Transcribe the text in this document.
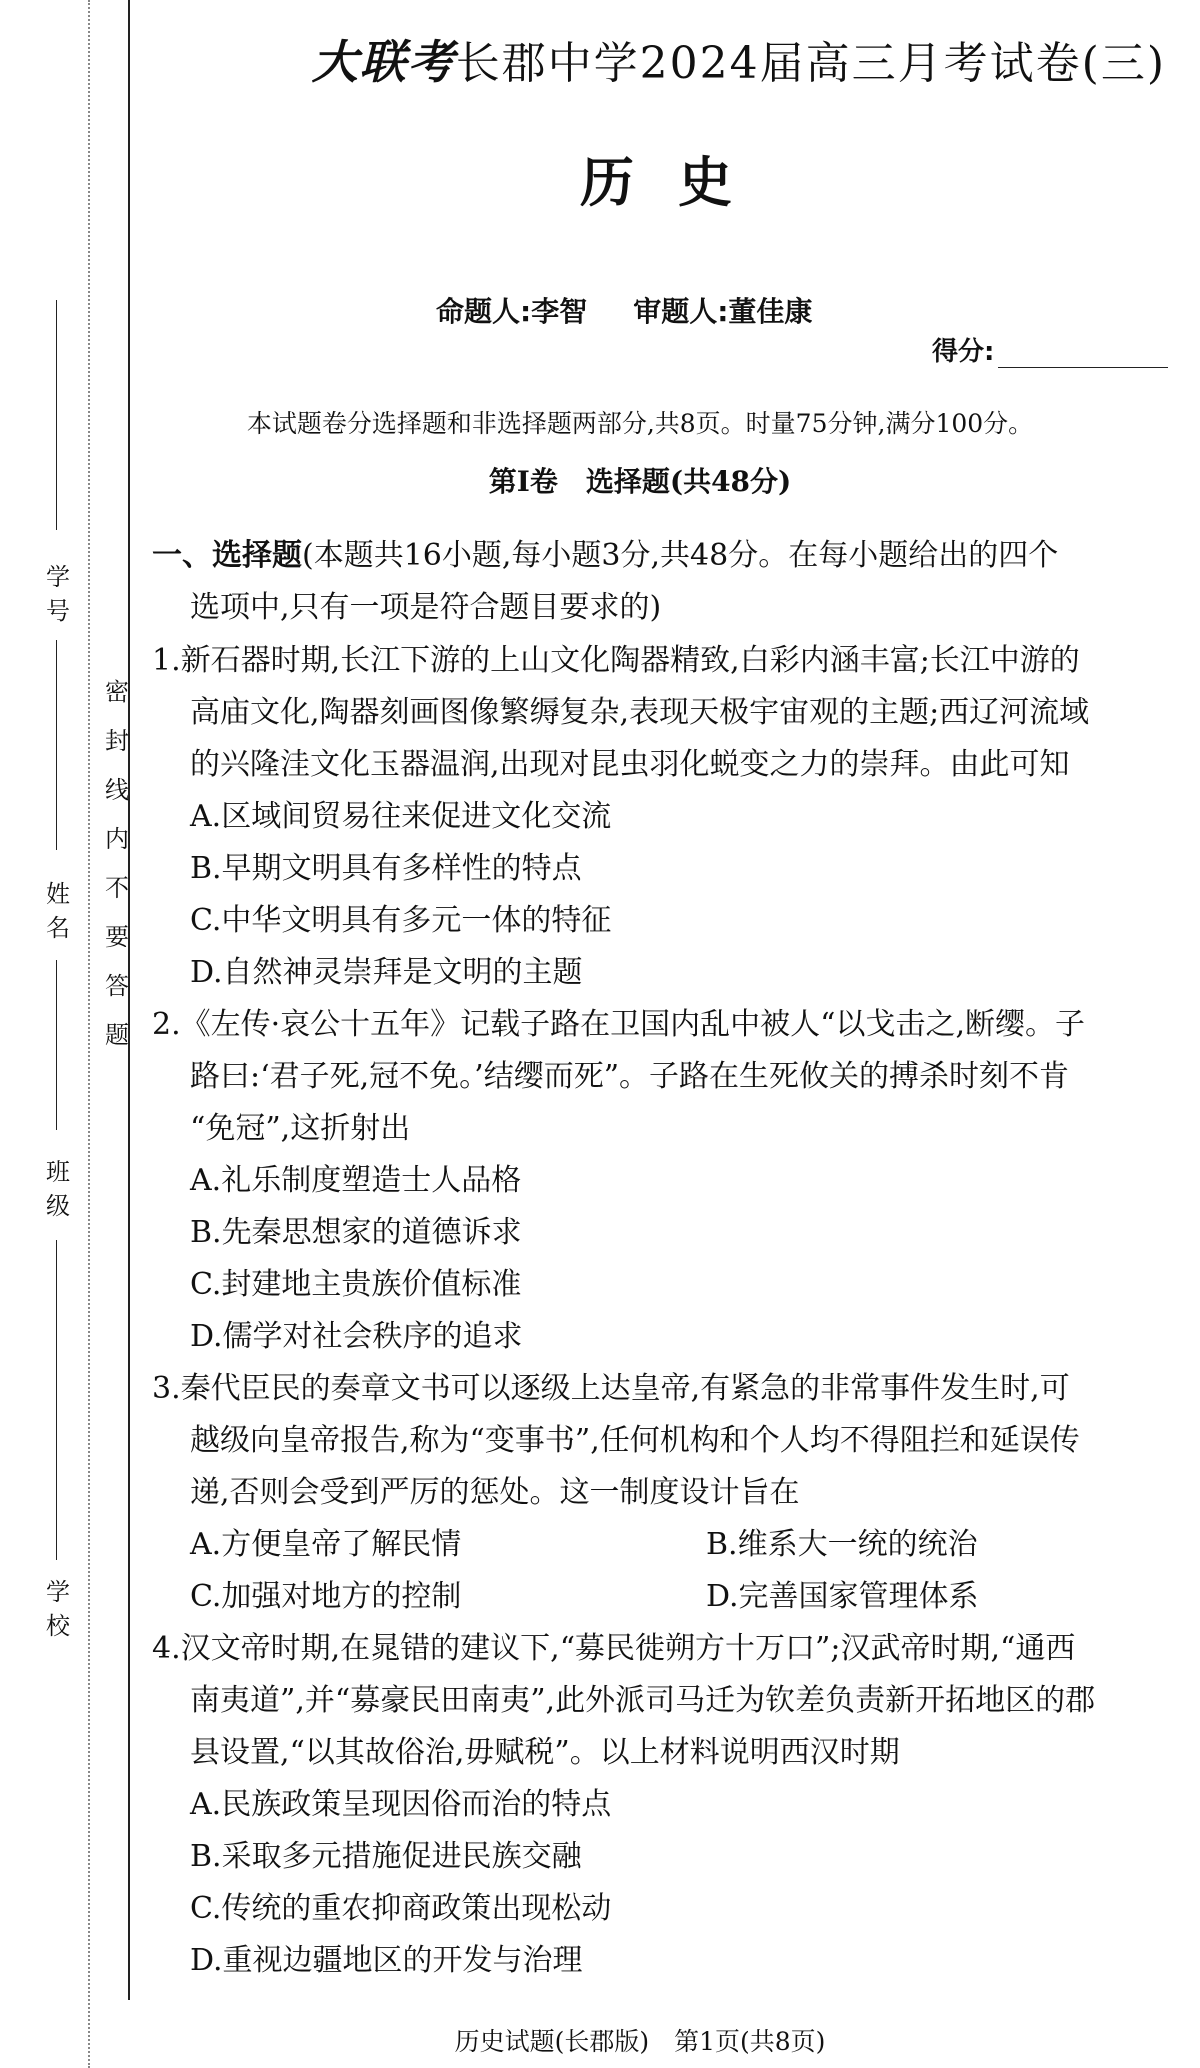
学
号
姓
名
班
级
学
校
密
封
线
内
不
要
答
题
大联考长郡中学2024届高三月考试卷(三)
历史
命题人:李智 审题人:董佳康
得分:
本试题卷分选择题和非选择题两部分,共8页。时量75分钟,满分100分。
第Ⅰ卷　选择题(共48分)
一、选择题(本题共16小题,每小题3分,共48分。在每小题给出的四个
选项中,只有一项是符合题目要求的)
1.新石器时期,长江下游的上山文化陶器精致,白彩内涵丰富;长江中游的
高庙文化,陶器刻画图像繁缛复杂,表现天极宇宙观的主题;西辽河流域
的兴隆洼文化玉器温润,出现对昆虫羽化蜕变之力的崇拜。由此可知
A.区域间贸易往来促进文化交流
B.早期文明具有多样性的特点
C.中华文明具有多元一体的特征
D.自然神灵崇拜是文明的主题
2.《左传·哀公十五年》记载子路在卫国内乱中被人“以戈击之,断缨。子
路曰:‘君子死,冠不免。’结缨而死”。子路在生死攸关的搏杀时刻不肯
“免冠”,这折射出
A.礼乐制度塑造士人品格
B.先秦思想家的道德诉求
C.封建地主贵族价值标准
D.儒学对社会秩序的追求
3.秦代臣民的奏章文书可以逐级上达皇帝,有紧急的非常事件发生时,可
越级向皇帝报告,称为“变事书”,任何机构和个人均不得阻拦和延误传
递,否则会受到严厉的惩处。这一制度设计旨在
A.方便皇帝了解民情	B.维系大一统的统治
C.加强对地方的控制	D.完善国家管理体系
4.汉文帝时期,在晁错的建议下,“募民徙朔方十万口”;汉武帝时期,“通西
南夷道”,并“募豪民田南夷”,此外派司马迁为钦差负责新开拓地区的郡
县设置,“以其故俗治,毋赋税”。以上材料说明西汉时期
A.民族政策呈现因俗而治的特点
B.采取多元措施促进民族交融
C.传统的重农抑商政策出现松动
D.重视边疆地区的开发与治理
历史试题(长郡版)　第1页(共8页)
